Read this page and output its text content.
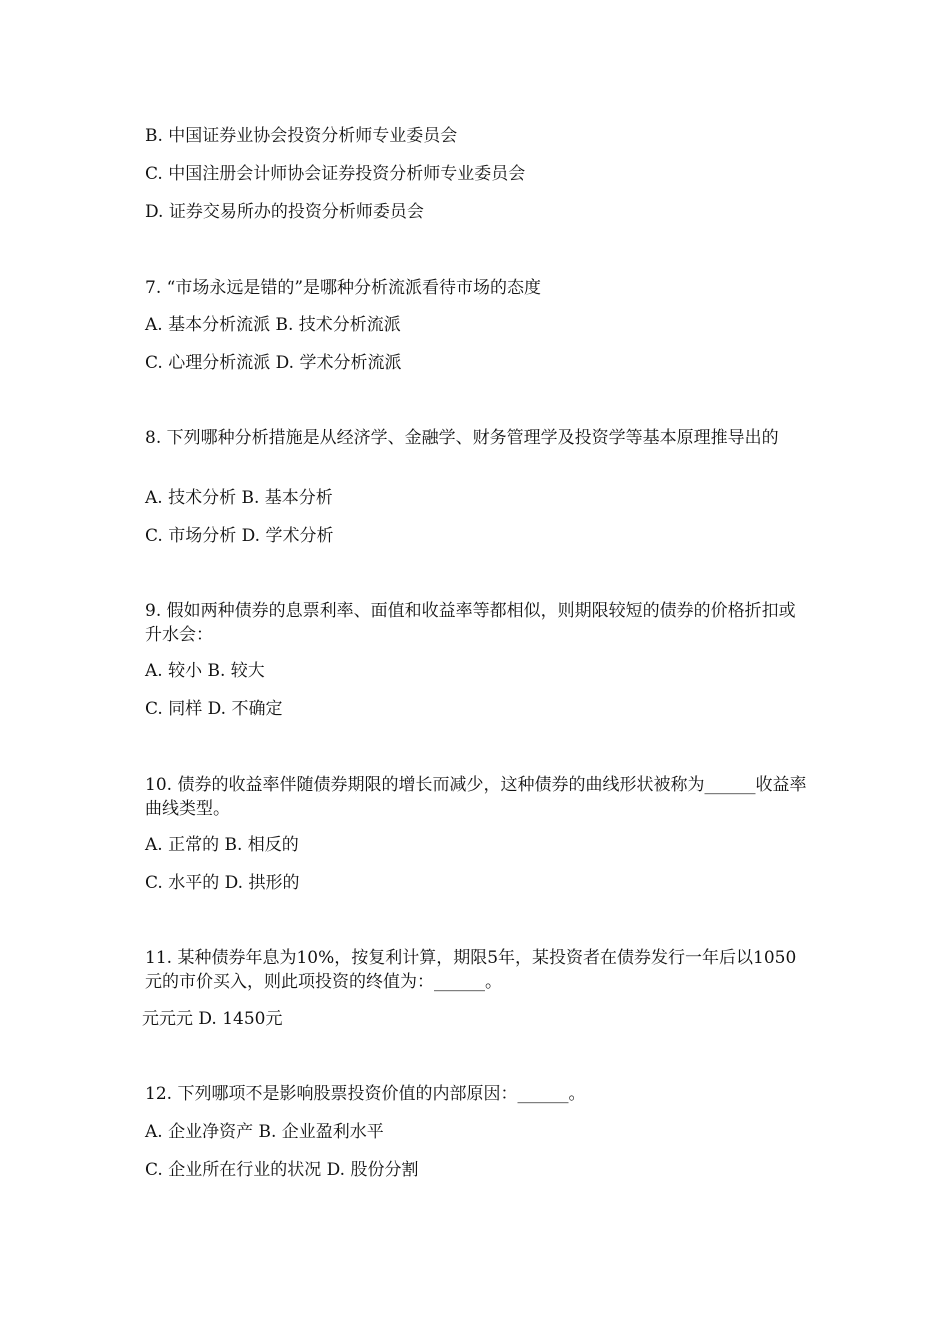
B. 中国证券业协会投资分析师专业委员会
C. 中国注册会计师协会证券投资分析师专业委员会
D. 证券交易所办的投资分析师委员会
7. “市场永远是错的”是哪种分析流派看待市场的态度
A. 基本分析流派 B. 技术分析流派
C. 心理分析流派 D. 学术分析流派
8. 下列哪种分析措施是从经济学、金融学、财务管理学及投资学等基本原理推导出的
A. 技术分析 B. 基本分析
C. 市场分析 D. 学术分析
9. 假如两种债券的息票利率、面值和收益率等都相似，则期限较短的债券的价格折扣或升水会：
A. 较小 B. 较大
C. 同样 D. 不确定
10. 债券的收益率伴随债券期限的增长而减少，这种债券的曲线形状被称为______收益率曲线类型。
A. 正常的 B. 相反的
C. 水平的 D. 拱形的
11. 某种债券年息为10%，按复利计算，期限5年，某投资者在债券发行一年后以1050元的市价买入，则此项投资的终值为：______。
元元元 D. 1450元
12. 下列哪项不是影响股票投资价值的内部原因：______。
A. 企业净资产 B. 企业盈利水平
C. 企业所在行业的状况 D. 股份分割
